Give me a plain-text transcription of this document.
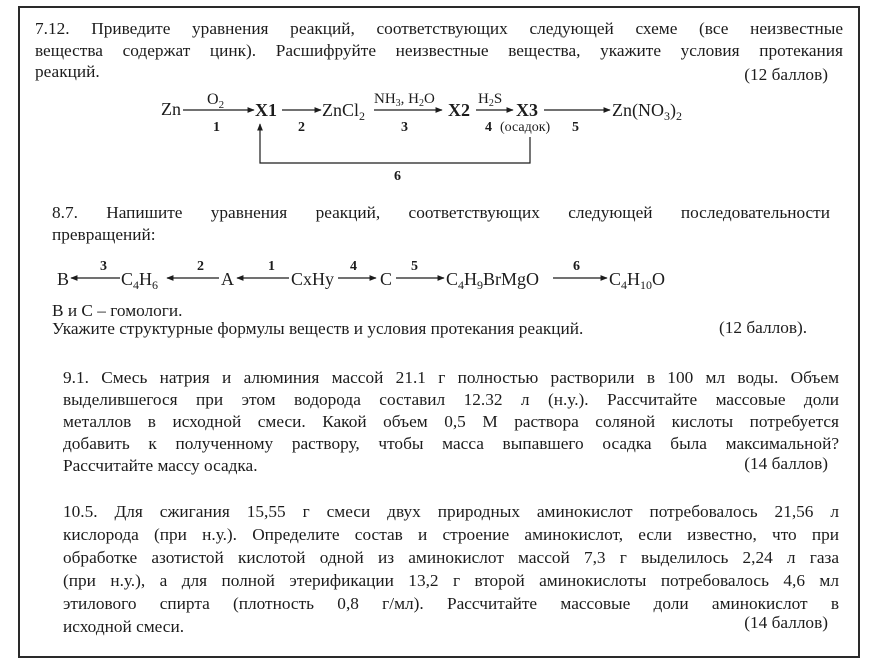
7.12. Приведите уравнения реакций, соответствующих следующей схеме (все неизвестные
вещества содержат цинк). Расшифруйте неизвестные вещества, укажите условия протекания
реакций.	(12 баллов)
Zn $O_2$
1
X1
2
ZnCl$_2$
$NH_3$, $H_2O$
3
X2
$H_2S$
4
X3
(осадок) 5
$Zn(NO_3)_2$
6
8.7. Напишите уравнения реакций, соответствующих следующей последовательности
превращений:
B
3
$C_4H_6$
2
A
1
CxHy
4
C
5
$C_4H_9BrMgO$
6
$C_4H_{10}O$
B и C – гомологи.
Укажите структурные формулы веществ и условия протекания реакций.	(12 баллов).
9.1. Смесь натрия и алюминия массой 21.1 г полностью растворили в 100 мл воды. Объем
выделившегося при этом водорода составил 12.32 л (н.у.). Рассчитайте массовые доли
металлов в исходной смеси. Какой объем 0,5 М раствора соляной кислоты потребуется
добавить к полученному раствору, чтобы масса выпавшего осадка была максимальной?
Рассчитайте массу осадка.	(14 баллов)
10.5. Для сжигания 15,55 г смеси двух природных аминокислот потребовалось 21,56 л
кислорода (при н.у.). Определите состав и строение аминокислот, если известно, что при
обработке азотистой кислотой одной из аминокислот массой 7,3 г выделилось 2,24 л газа
(при н.у.), а для полной этерификации 13,2 г второй аминокислоты потребовалось 4,6 мл
этилового спирта (плотность 0,8 г/мл). Рассчитайте массовые доли аминокислот в
исходной смеси.	(14 баллов)
